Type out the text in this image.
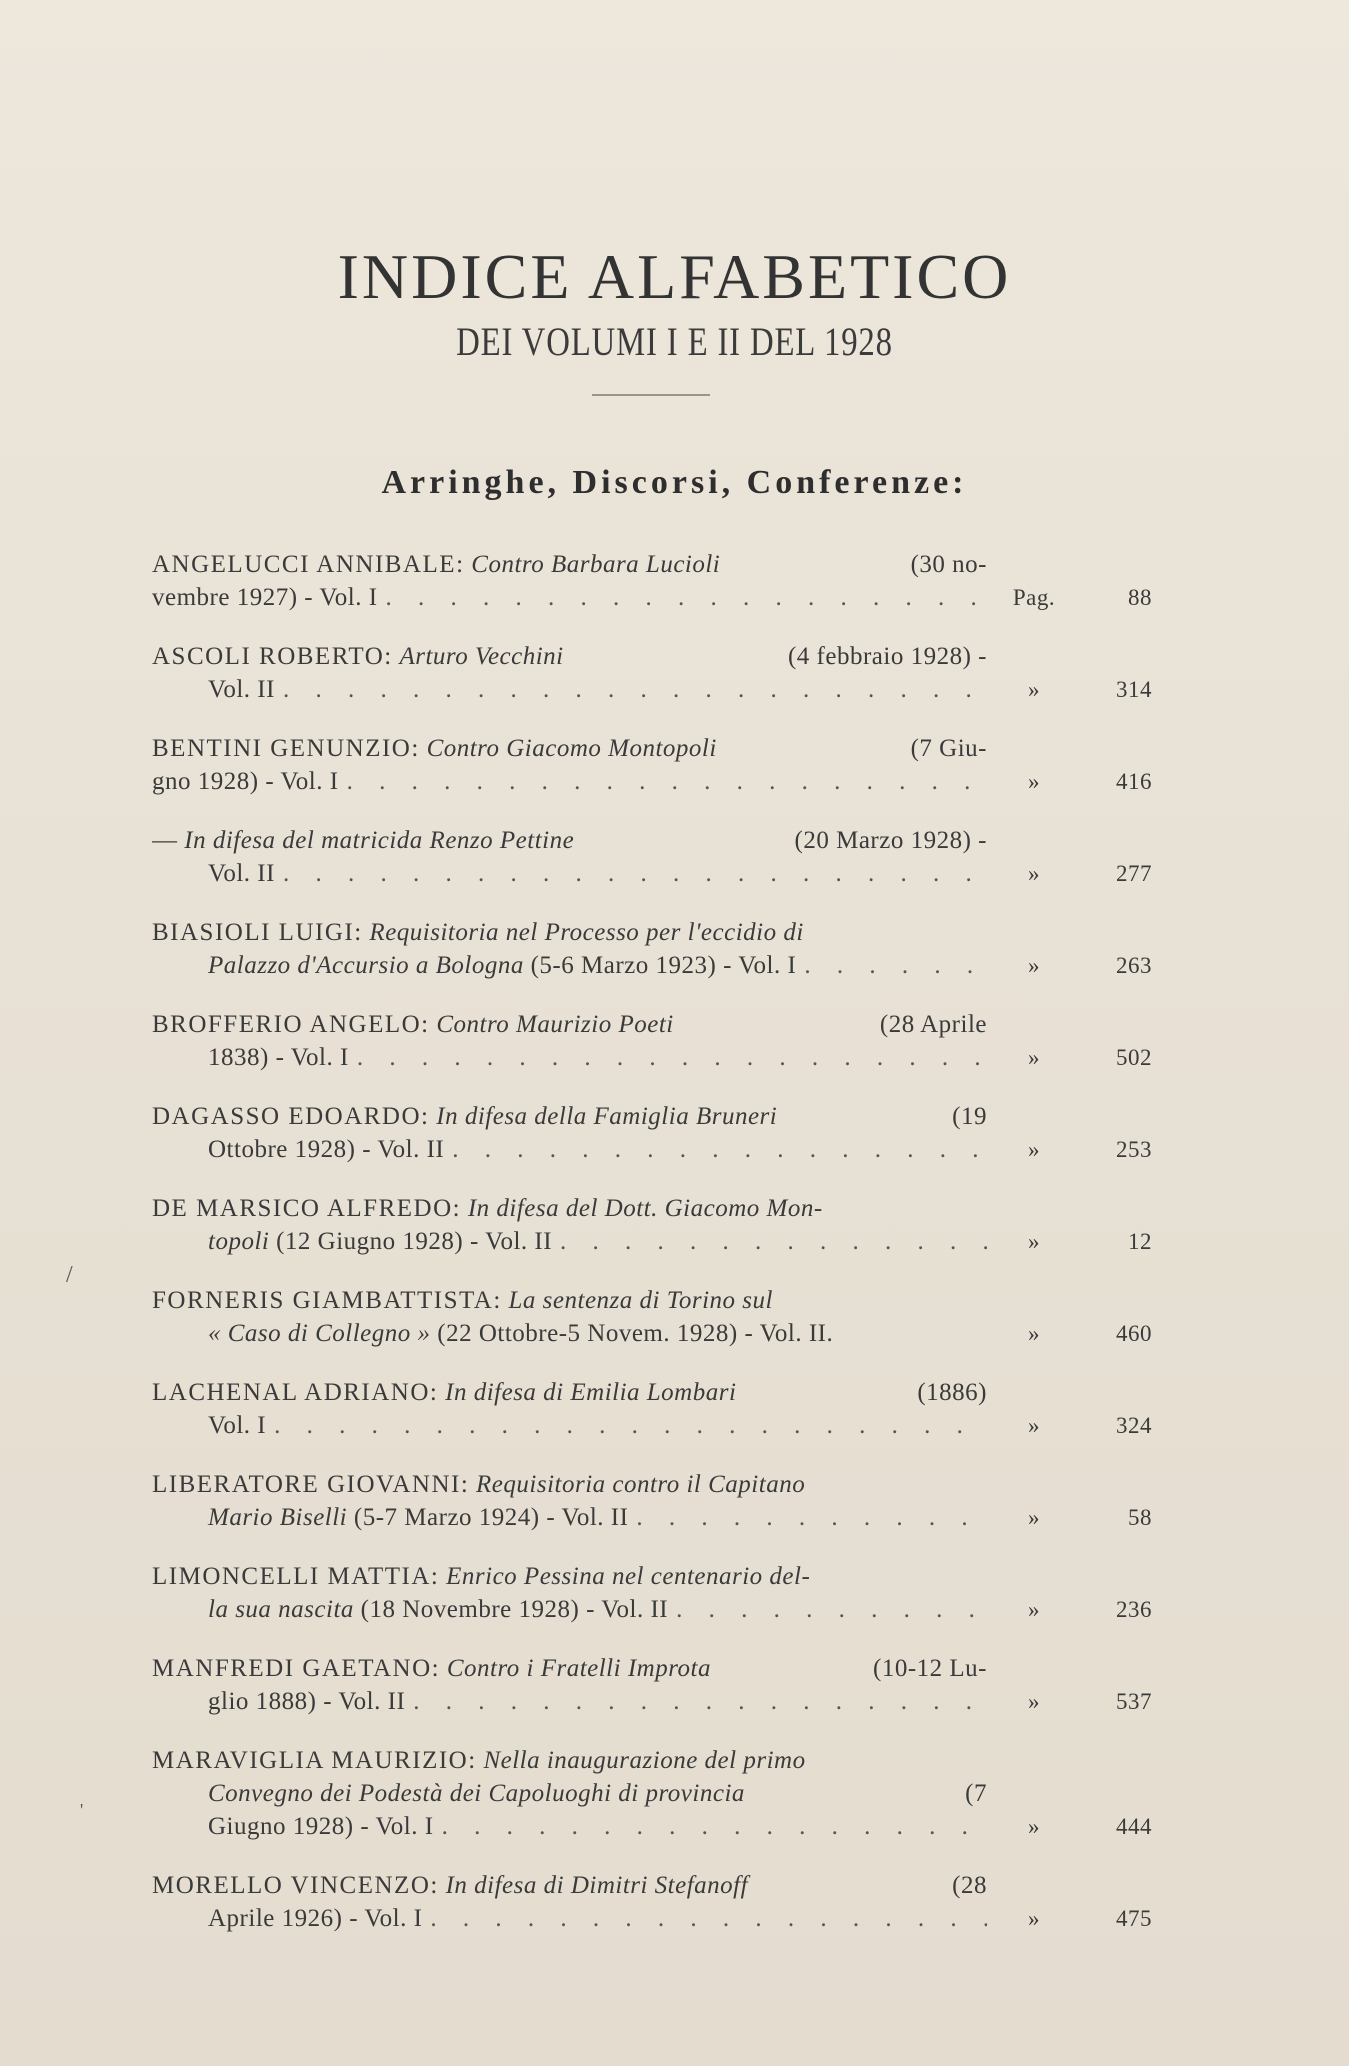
INDICE ALFABETICO
DEI VOLUMI I E II DEL 1928
Arringhe, Discorsi, Conferenze:
/
'
ANGELUCCI ANNIBALE: Contro Barbara Lucioli	(30 no-
vembre 1927) - Vol. I . . .	Pag.	88
ASCOLI ROBERTO: Arturo Vecchini	(4 febbraio 1928) -
Vol. II . . .	»	314
BENTINI GENUNZIO: Contro Giacomo Montopoli	(7 Giu-
gno 1928) - Vol. I . . .	»	416
— In difesa del matricida Renzo Pettine	(20 Marzo 1928) -
Vol. II . . .	»	277
BIASIOLI LUIGI: Requisitoria nel Processo per l'eccidio di
Palazzo d'Accursio a Bologna
(5-6 Marzo 1923) - Vol. I . . .	»	263
BROFFERIO ANGELO: Contro Maurizio Poeti	(28 Aprile
1838) - Vol. I . . .	»	502
DAGASSO EDOARDO: In difesa della Famiglia Bruneri	(19
Ottobre 1928) - Vol. II . . .	»	253
DE MARSICO ALFREDO: In difesa del Dott. Giacomo Mon-
topoli
(12 Giugno 1928) - Vol. II . . .	»	12
FORNERIS GIAMBATTISTA: La sentenza di Torino sul
« Caso di Collegno »
(22 Ottobre-5 Novem. 1928) - Vol. II.	»	460
LACHENAL ADRIANO: In difesa di Emilia Lombari	(1886)
Vol. I . . .	»	324
LIBERATORE GIOVANNI: Requisitoria contro il Capitano
Mario Biselli
(5-7 Marzo 1924) - Vol. II . . .	»	58
LIMONCELLI MATTIA: Enrico Pessina nel centenario del-
la sua nascita
(18 Novembre 1928) - Vol. II . . .	»	236
MANFREDI GAETANO: Contro i Fratelli Improta	(10-12 Lu-
glio 1888) - Vol. II . . .	»	537
MARAVIGLIA MAURIZIO: Nella inaugurazione del primo
Convegno dei Podestà dei Capoluoghi di provincia	(7
Giugno 1928) - Vol. I . . .	»	444
MORELLO VINCENZO: In difesa di Dimitri Stefanoff	(28
Aprile 1926) - Vol. I . . .	»	475
